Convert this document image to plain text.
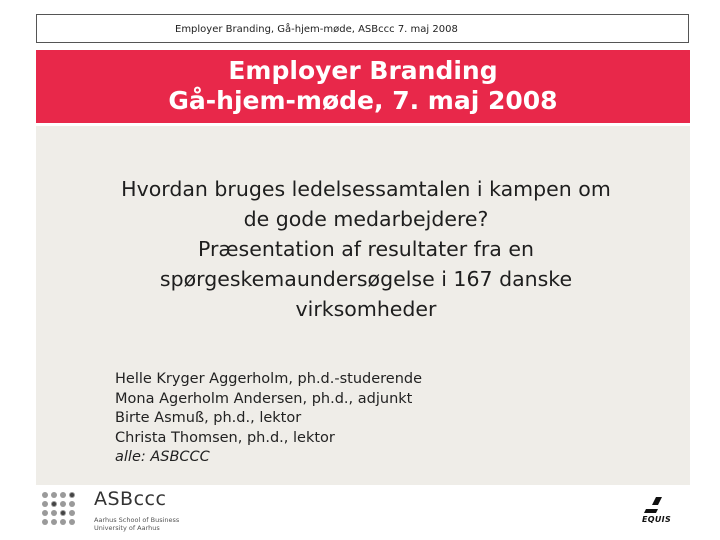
Employer Branding, Gå-hjem-møde, ASBccc 7. maj 2008
Employer Branding
Gå-hjem-møde, 7. maj 2008
Hvordan bruges ledelsessamtalen i kampen om
de gode medarbejdere?
Præsentation af resultater fra en
spørgeskemaundersøgelse i 167 danske
virksomheder
Helle Kryger Aggerholm, ph.d.-studerende
Mona Agerholm Andersen, ph.d., adjunkt
Birte Asmuß, ph.d., lektor
Christa Thomsen, ph.d., lektor
alle: ASBCCC
ASBccc
Aarhus School of Business
University of Aarhus
EQUIS
